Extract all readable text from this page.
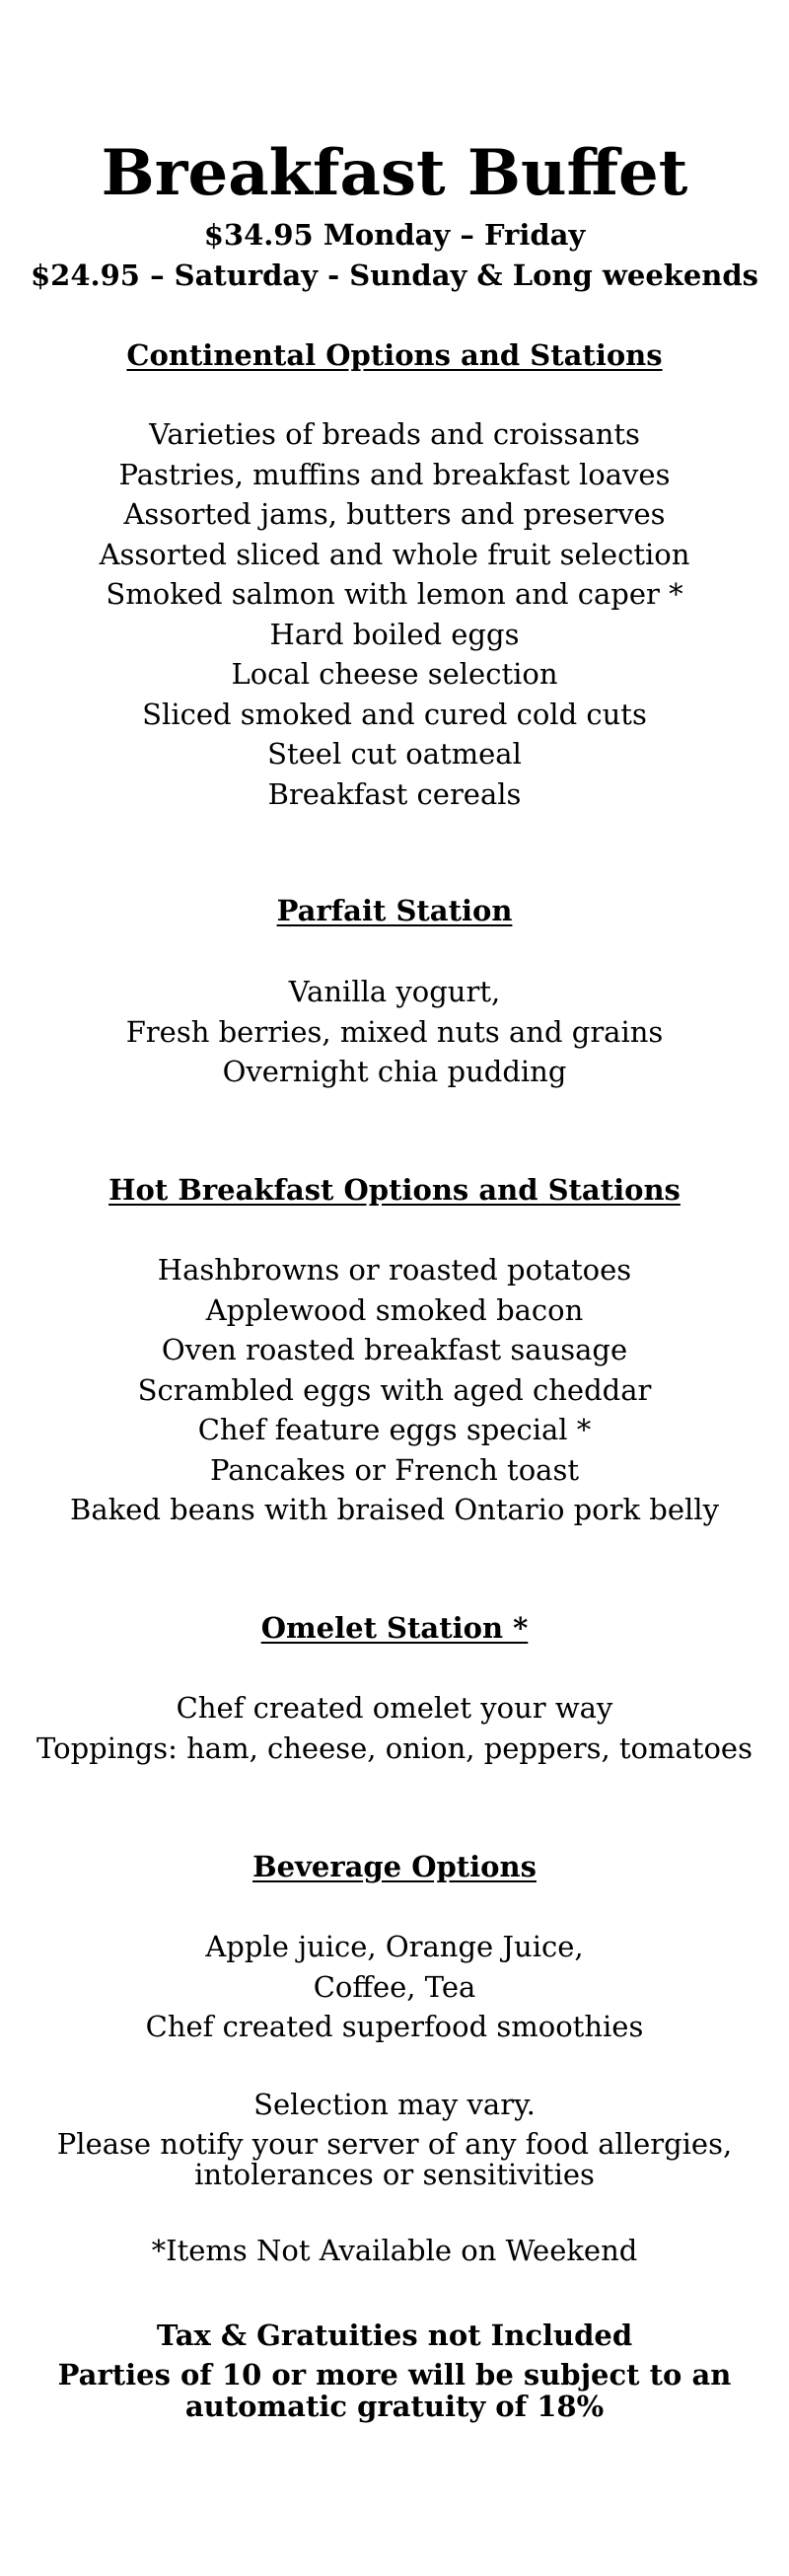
Breakfast Buffet

$34.95 Monday – Friday

$24.95 – Saturday - Sunday & Long weekends

Continental Options and Stations
Varieties of breads and croissants
Pastries, muffins and breakfast loaves
Assorted jams, butters and preserves
Assorted sliced and whole fruit selection
Smoked salmon with lemon and caper *
Hard boiled eggs
Local cheese selection
Sliced smoked and cured cold cuts
Steel cut oatmeal
Breakfast cereals
Parfait Station
Vanilla yogurt,
Fresh berries, mixed nuts and grains
Overnight chia pudding
Hot Breakfast Options and Stations
Hashbrowns or roasted potatoes
Applewood smoked bacon
Oven roasted breakfast sausage
Scrambled eggs with aged cheddar
Chef feature eggs special *
Pancakes or French toast
Baked beans with braised Ontario pork belly
Omelet Station *
Chef created omelet your way
Toppings: ham, cheese, onion, peppers, tomatoes
Beverage Options
Apple juice, Orange Juice,
Coffee, Tea
Chef created superfood smoothies

Selection may vary.

Please notify your server of any food allergies,

intolerances or sensitivities

*Items Not Available on Weekend

Tax & Gratuities not Included

Parties of 10 or more will be subject to an

automatic gratuity of 18%
